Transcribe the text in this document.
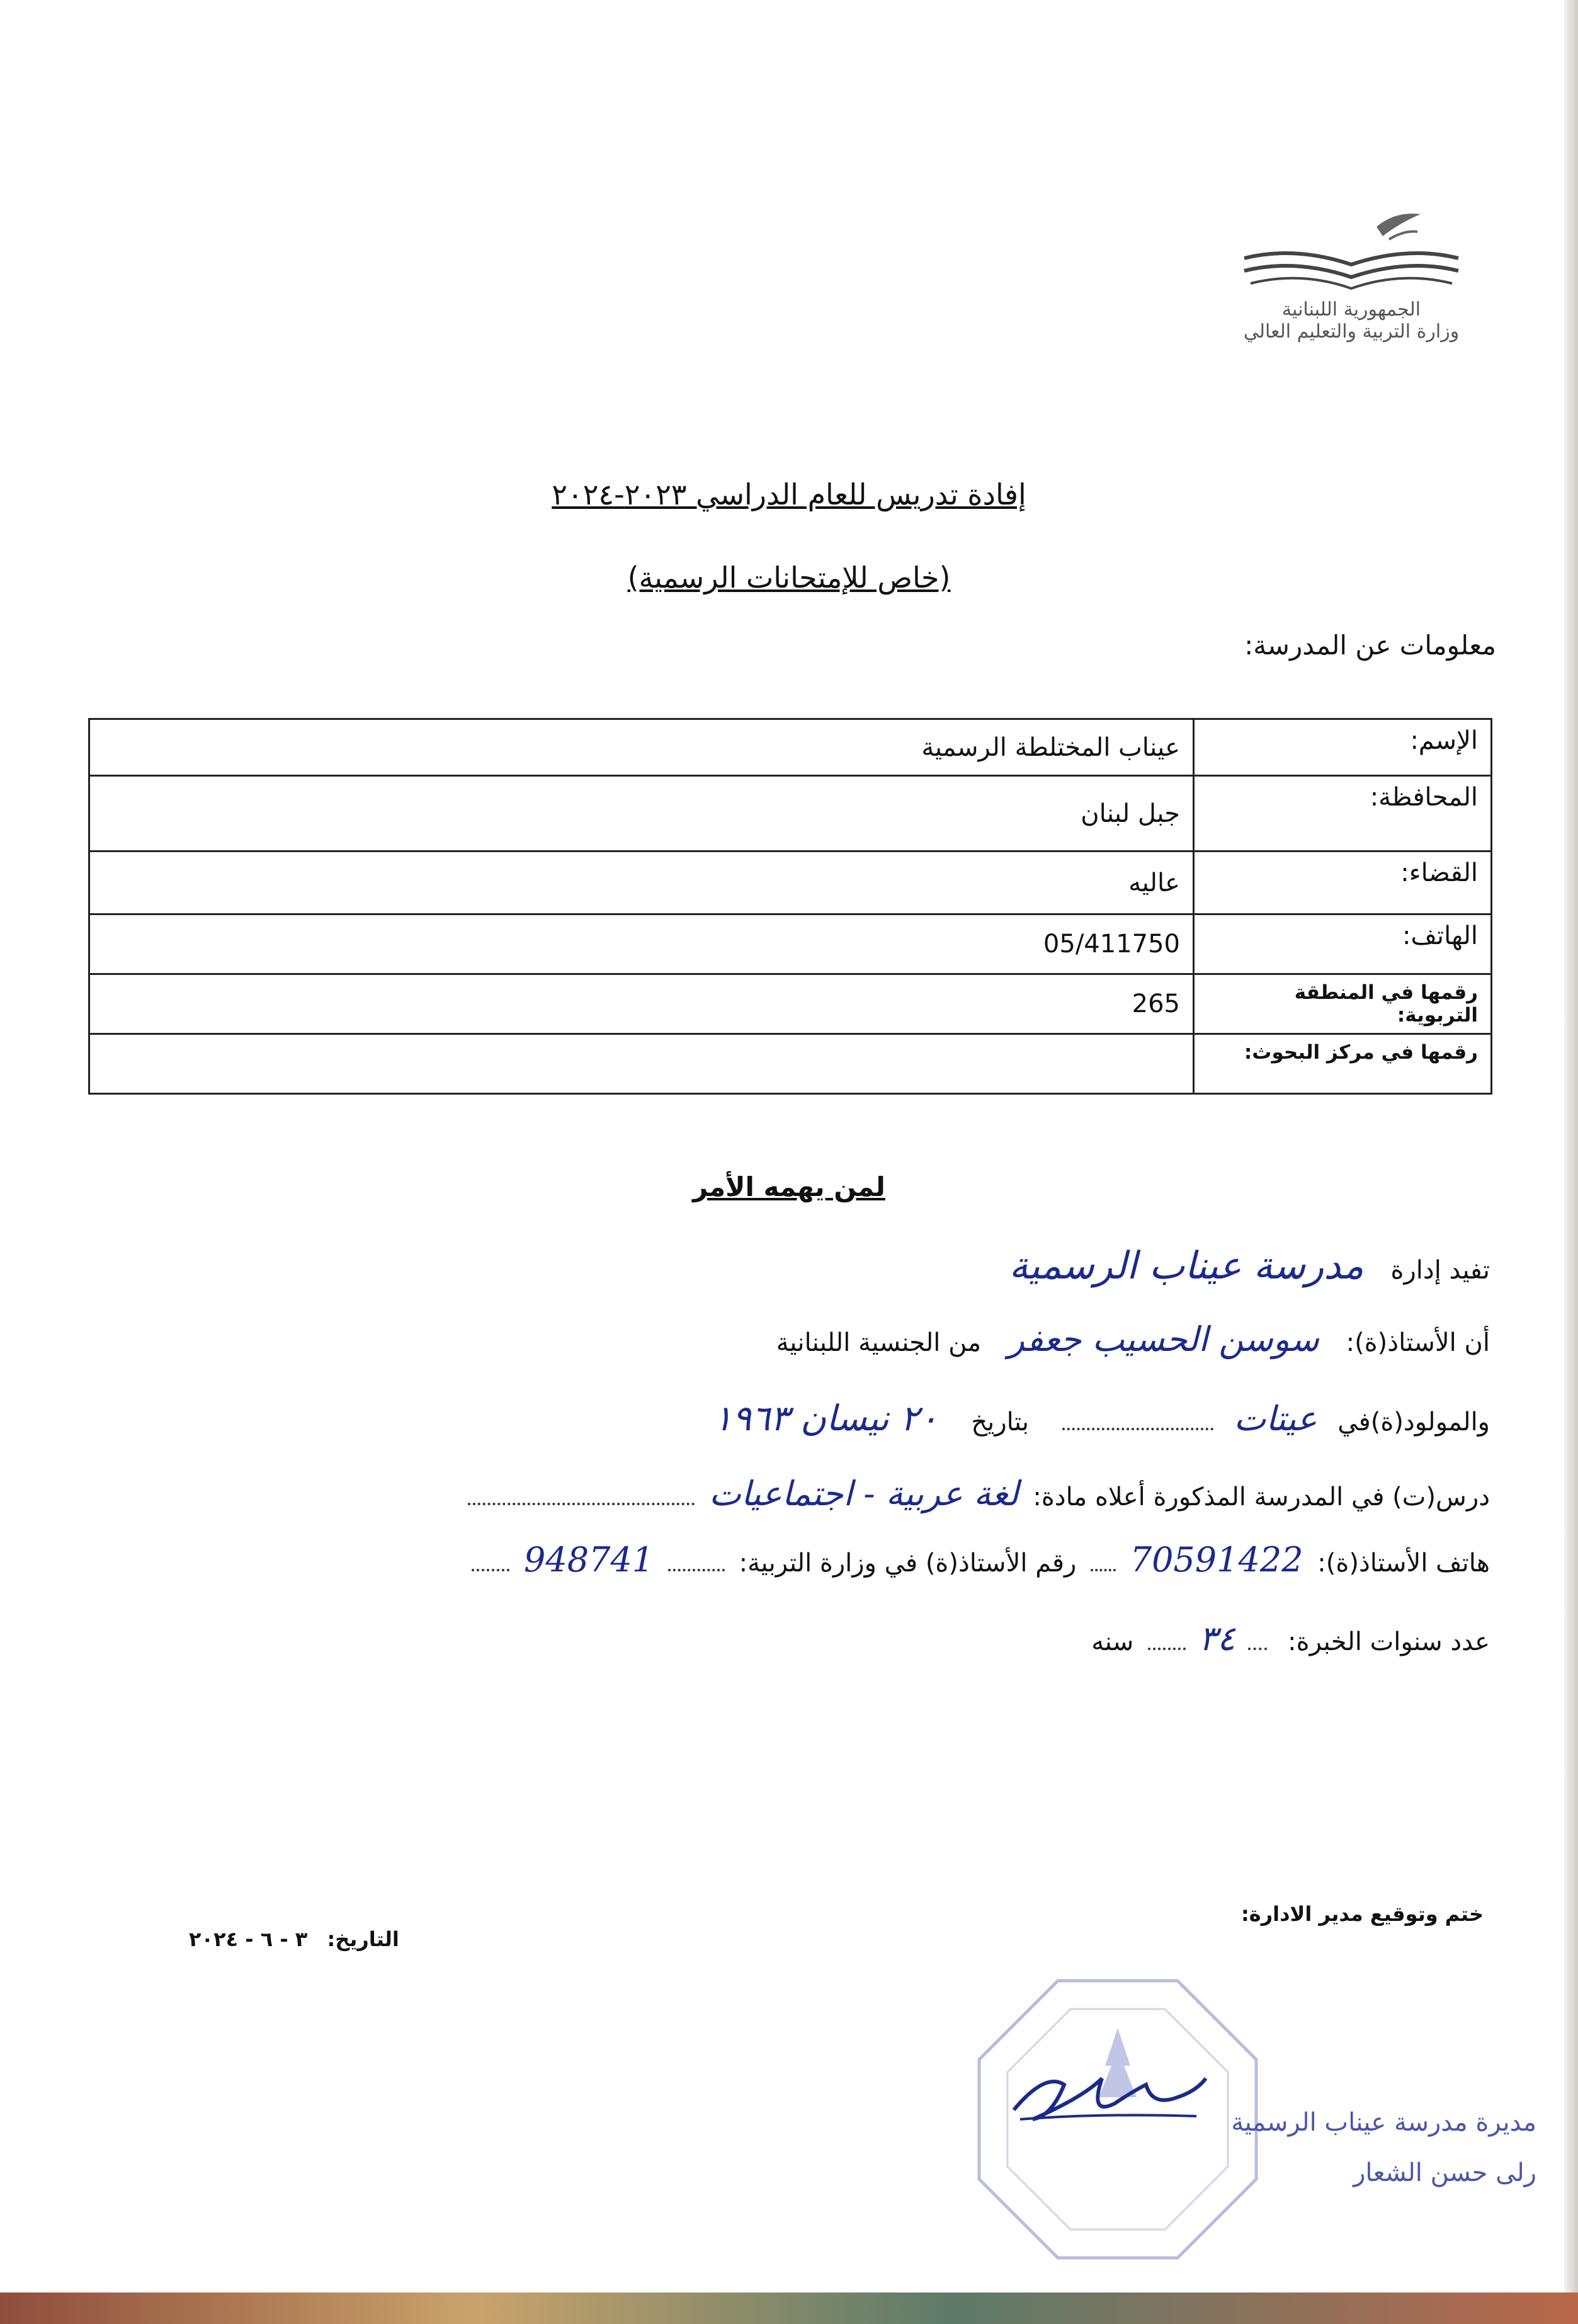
الجمهورية اللبنانية
وزارة التربية والتعليم العالي
إفادة تدريس للعام الدراسي ٢٠٢٣-٢٠٢٤
(خاص للإمتحانات الرسمية)
معلومات عن المدرسة:
الإسم:	عيناب المختلطة الرسمية
المحافظة:	جبل لبنان
القضاء:	عاليه
الهاتف:	05/411750
رقمها في المنطقة التربوية:	265
رقمها في مركز البحوث:	
لمن يهمه الأمر
تفيد إدارة مدرسة عيناب الرسمية
أن الأستاذ(ة): سوسن الحسيب جعفر من الجنسية اللبنانية
والمولود(ة)في عيتات  بتاريخ ٢٠ نيسان ١٩٦٣
درس(ت) في المدرسة المذكورة أعلاه مادة: لغة عربية - اجتماعيات
هاتف الأستاذ(ة): 70591422  رقم الأستاذ(ة) في وزارة التربية:  948741
عدد سنوات الخبرة:  ٣٤  سنه
ختم وتوقيع مدير الادارة:
التاريخ: ٣ - ٦ - ٢٠٢٤
مديرة مدرسة عيناب الرسمية
رلى حسن الشعار
